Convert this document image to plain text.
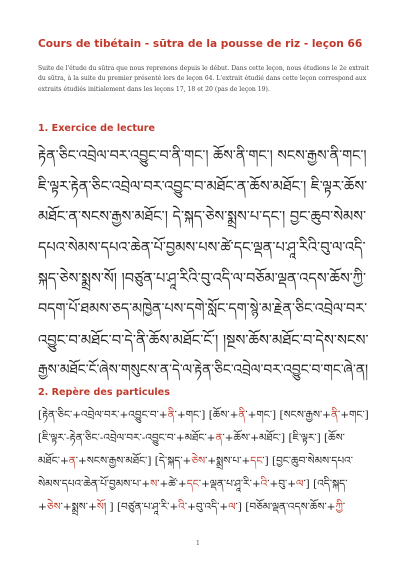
Cours de tibétain - sūtra de la pousse de riz - leçon 66

Suite de l'étude du sūtra que nous reprenons depuis le début. Dans cette leçon, nous étudions le 2e extrait du sūtra, à la suite du premier présenté lors de leçon 64. L'extrait étudié dans cette leçon correspond aux extraits étudiés initialement dans les leçons 17, 18 et 20 (pas de leçon 19).

1. Exercice de lecture

རྟེན་ཅིང་འབྲེལ་བར་འབྱུང་བ་ནི་གང་། ཆོས་ནི་གང་། སངས་རྒྱས་ནི་གང་།

ཇི་ལྟར་རྟེན་ཅིང་འབྲེལ་བར་འབྱུང་བ་མཐོང་ན་ཆོས་མཐོང་། ཇི་ལྟར་ཆོས་

མཐོང་ན་སངས་རྒྱས་མཐོང་། དེ་སྐད་ཅེས་སྨྲས་པ་དང་། བྱང་ཆུབ་སེམས་

དཔའ་སེམས་དཔའ་ཆེན་པོ་བྱམས་པས་ཚེ་དང་ལྡན་པ་ཤཱ་རིའི་བུ་ལ་འདི་

སྐད་ཅེས་སྨྲས་སོ། །བཙུན་པ་ཤཱ་རིའི་བུ་འདི་ལ་བཅོམ་ལྡན་འདས་ཆོས་ཀྱི་

བདག་པོ་ཐམས་ཅད་མཁྱེན་པས་དགེ་སློང་དག་སྙེ་མ་རྗེན་ཅིང་འབྲེལ་བར་

འབྱུང་བ་མཐོང་བ་དེ་ནི་ཆོས་མཐོང་ངོ་། །སྔས་ཆོས་མཐོང་བ་དེས་སངས་

རྒྱས་མཐོང་ངོ་ཞེས་གསུངས་ན་དེ་ལ་རྟེན་ཅིང་འབྲེལ་བར་འབྱུང་བ་གང་ཞེ་ན།

2. Repère des particules
[རྟེན་ཅིང་+འབྲེལ་བར་+འབྱུང་བ་+ནི་+གང་] [ཆོས་+ནི་+གང་] [སངས་རྒྱས་+ནི་+གང་]
[ཇི་ལྟར་-རྟེན་ཅིང་-འབྲེལ་བར་-འབྱུང་བ་+མཐོང་+ན་+ཆོས་+མཐོང་] [ཇི་ལྟར་] [ཆོས་
མཐོང་+ན་+སངས་རྒྱས་མཐོང་] [དེ་སྐད་+ཅེས་+སྨྲས་པ་+དང་] [བྱང་ཆུབ་སེམས་དཔའ་
སེམས་དཔའ་ཆེན་པོ་བྱམས་པ་+ས་+ཚེ་+དང་+ལྡན་པ་ཤཱ་རི་+འི་+བུ་+ལ་] [འདི་སྐད་
+ཅེས་+སྨྲས་+སོ། ] [བཙུན་པ་ཤཱ་རི་+འི་+བུ་འདི་+ལ་] [བཅོམ་ལྡན་འདས་ཆོས་+ཀྱི་

1
